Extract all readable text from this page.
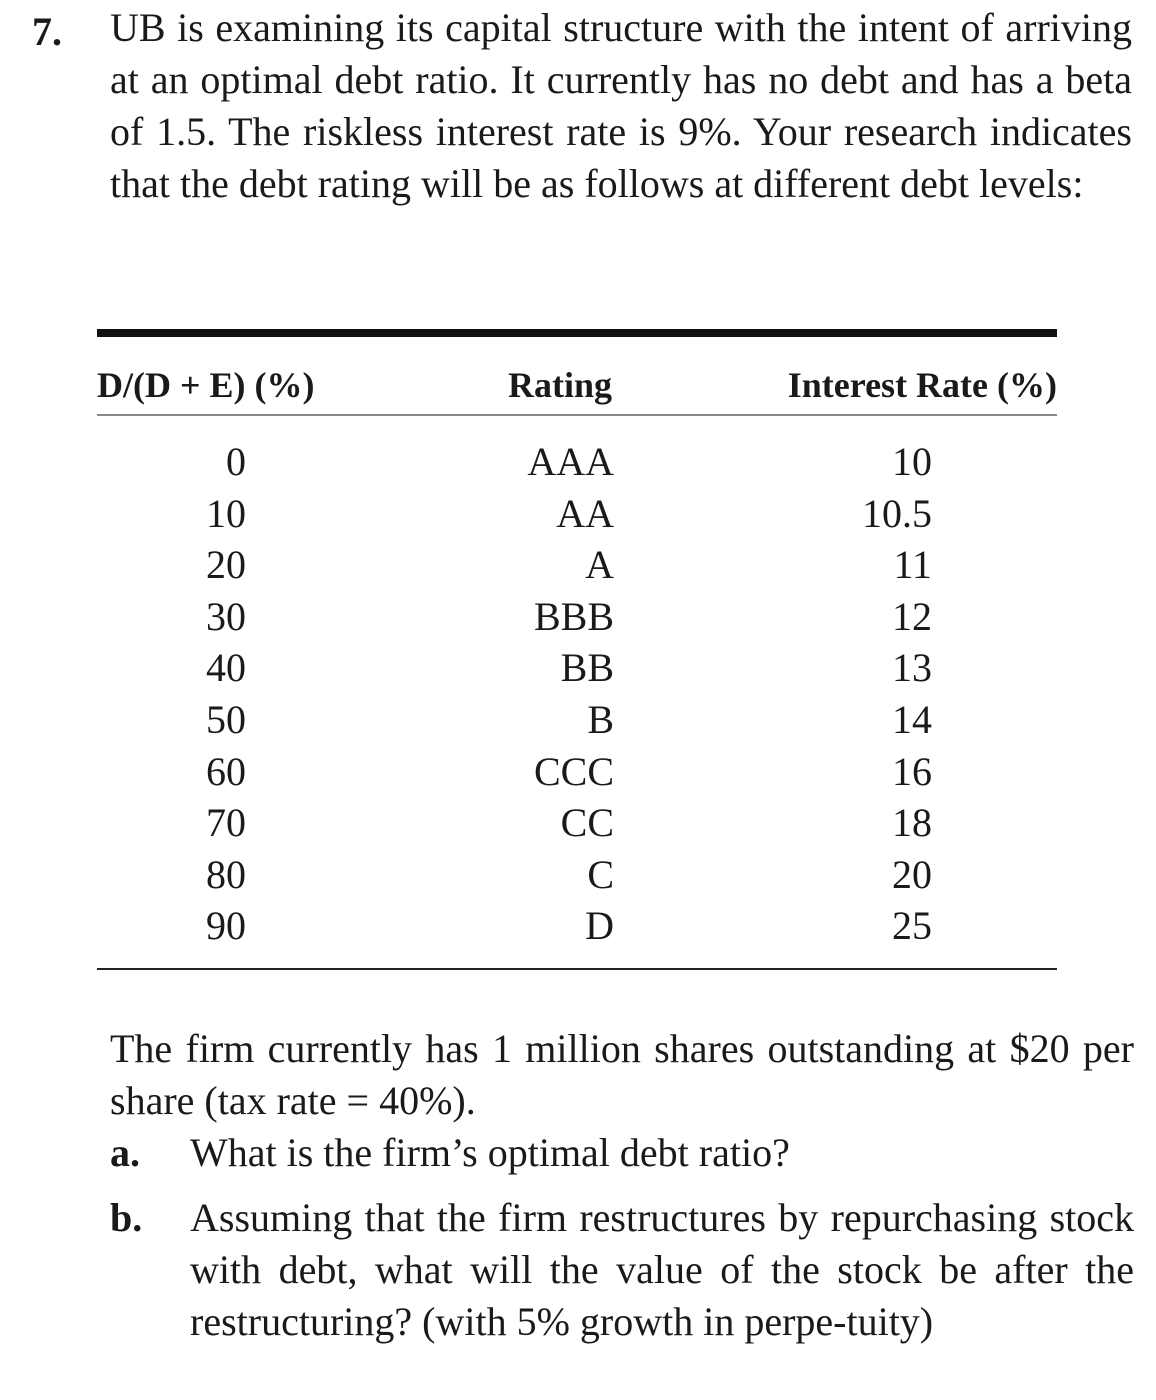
7. UB is examining its capital structure with the intent of arriving at an optimal debt ratio. It currently has no debt and has a beta of 1.5. The riskless interest rate is 9%. Your research indicates that the debt rating will be as follows at different debt levels:
D/(D + E) (%)	Rating	Interest Rate (%)
0	AAA	10
10	AA	10.5
20	A	11
30	BBB	12
40	BB	13
50	B	14
60	CCC	16
70	CC	18
80	C	20
90	D	25
The firm currently has 1 million shares outstanding at $20 per share (tax rate = 40%).
a. What is the firm’s optimal debt ratio?
b. Assuming that the firm restructures by repurchasing stock with debt, what will the value of the stock be after the restructuring? (with 5% growth in perpe-tuity)
